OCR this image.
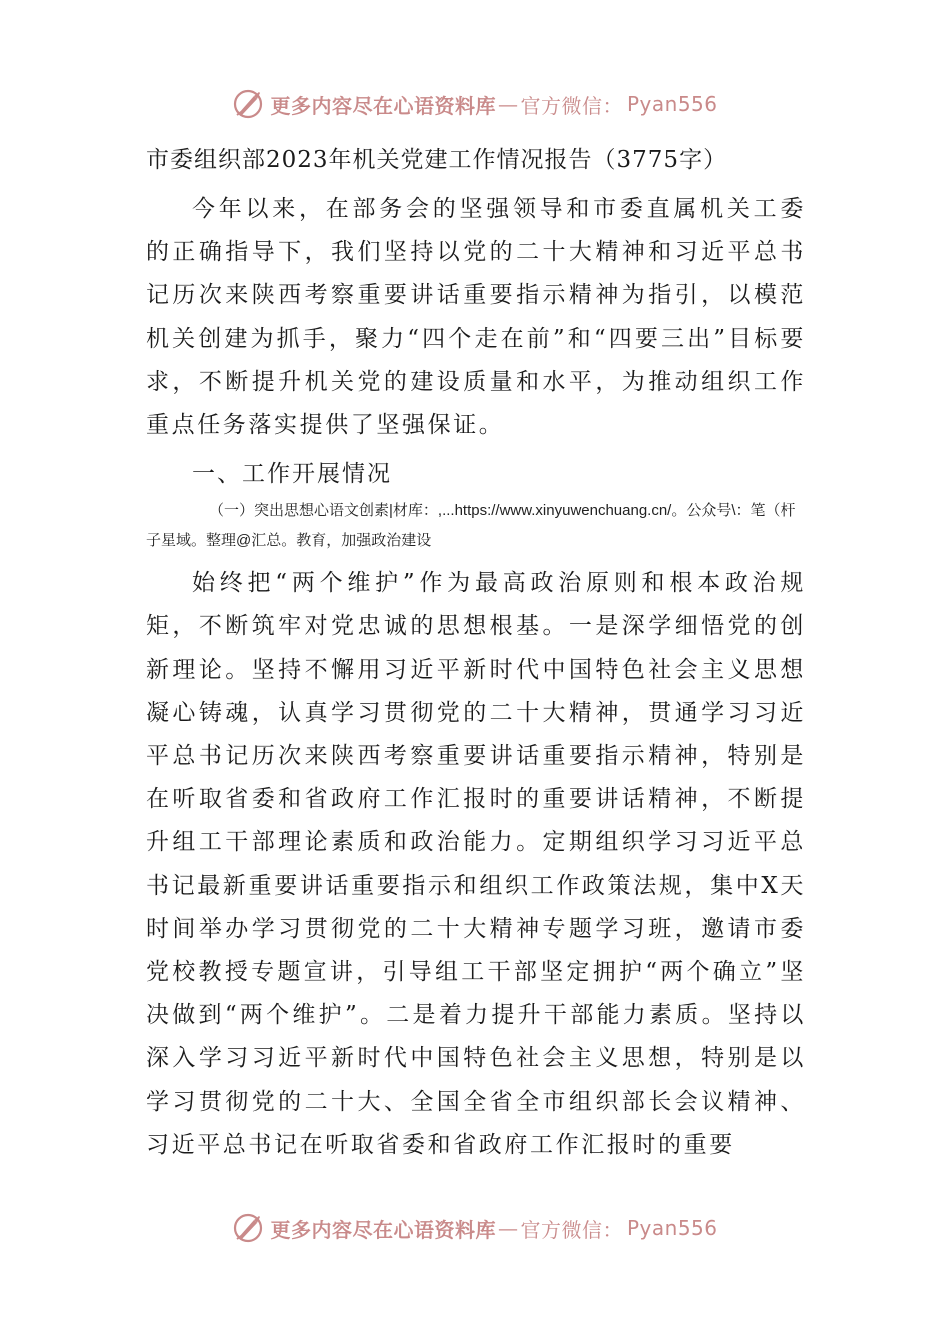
更多内容尽在心语资料库 — 官方微信： Pyan556

市委组织部2023年机关党建工作情况报告（3775字）

今年以来，在部务会的坚强领导和市委直属机关工委的正确指导下，我们坚持以党的二十大精神和习近平总书记历次来陕西考察重要讲话重要指示精神为指引，以模范机关创建为抓手，聚力“四个走在前”和“四要三出”目标要求，不断提升机关党的建设质量和水平，为推动组织工作重点任务落实提供了坚强保证。

一、工作开展情况

（一）突出思想心语文创素|材库：,...https://www.xinyuwenchuang.cn/。公众号\：笔（杆子星域。整理@汇总。教育，加强政治建设

始终把“两个维护”作为最高政治原则和根本政治规矩，不断筑牢对党忠诚的思想根基。一是深学细悟党的创新理论。坚持不懈用习近平新时代中国特色社会主义思想凝心铸魂，认真学习贯彻党的二十大精神，贯通学习习近平总书记历次来陕西考察重要讲话重要指示精神，特别是在听取省委和省政府工作汇报时的重要讲话精神，不断提升组工干部理论素质和政治能力。定期组织学习习近平总书记最新重要讲话重要指示和组织工作政策法规，集中X天时间举办学习贯彻党的二十大精神专题学习班，邀请市委党校教授专题宣讲，引导组工干部坚定拥护“两个确立”坚决做到“两个维护”。二是着力提升干部能力素质。坚持以深入学习习近平新时代中国特色社会主义思想，特别是以学习贯彻党的二十大、全国全省全市组织部长会议精神、习近平总书记在听取省委和省政府工作汇报时的重要

更多内容尽在心语资料库 — 官方微信： Pyan556
